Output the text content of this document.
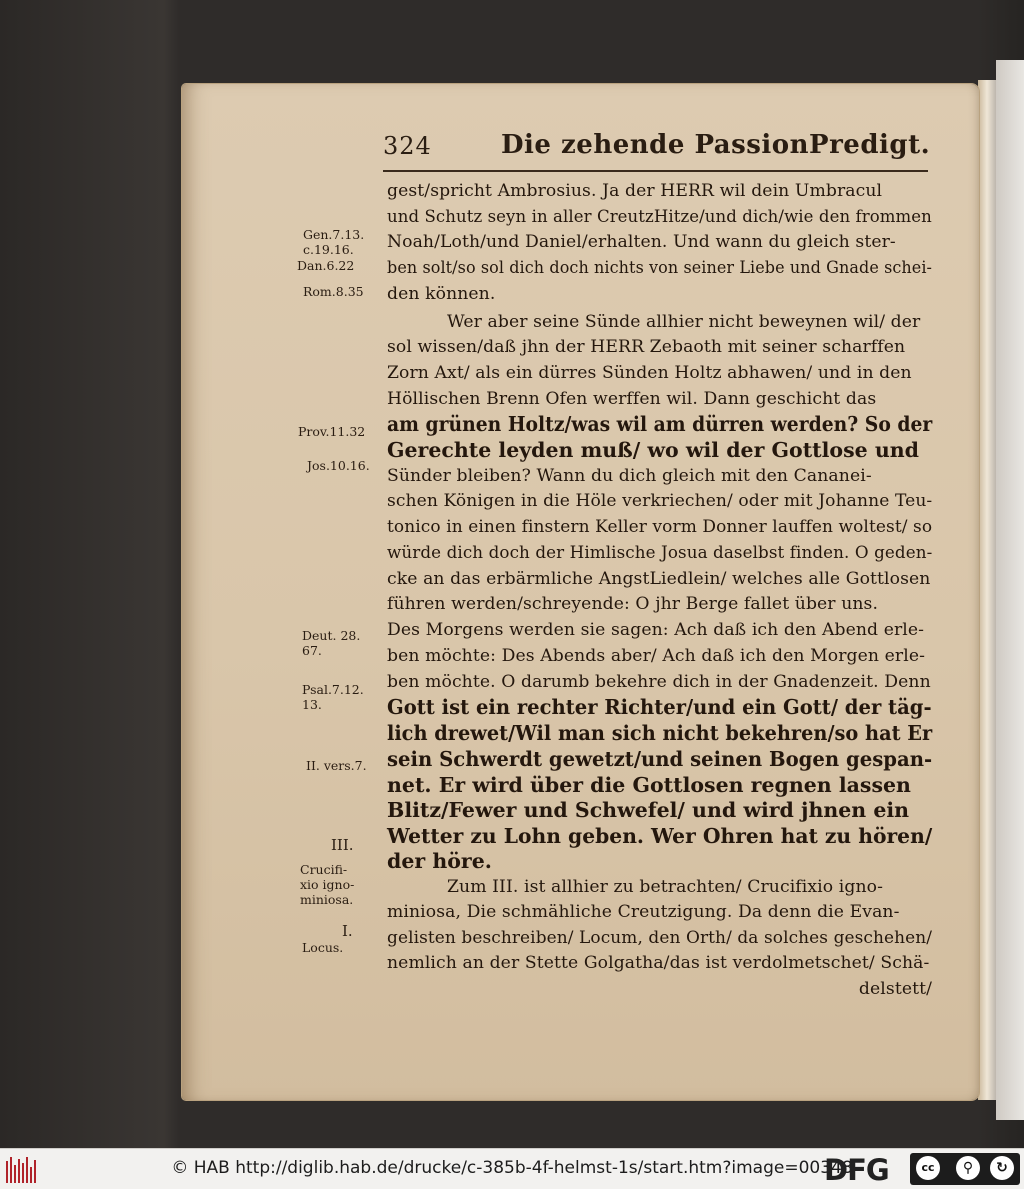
324	Die zehende PassionPredigt.
gest/spricht Ambrosius. Ja der HERR wil dein Umbracul
und Schutz seyn in aller CreutzHitze/und dich/wie den frommen
Noah/Loth/und Daniel/erhalten. Und wann du gleich ster-
ben solt/so sol dich doch nichts von seiner Liebe und Gnade schei-
den können.
Wer aber seine Sünde allhier nicht beweynen wil/ der
sol wissen/daß jhn der HERR Zebaoth mit seiner scharffen
Zorn Axt/ als ein dürres Sünden Holtz abhawen/ und in den
Höllischen Brenn Ofen werffen wil. Dann geschicht das
am grünen Holtz/was wil am dürren werden? So der
Gerechte leyden muß/ wo wil der Gottlose und
Sünder bleiben? Wann du dich gleich mit den Cananei-
schen Königen in die Höle verkriechen/ oder mit Johanne Teu-
tonico in einen finstern Keller vorm Donner lauffen woltest/ so
würde dich doch der Himlische Josua daselbst finden. O geden-
cke an das erbärmliche AngstLiedlein/ welches alle Gottlosen
führen werden/schreyende: O jhr Berge fallet über uns.
Des Morgens werden sie sagen: Ach daß ich den Abend erle-
ben möchte: Des Abends aber/ Ach daß ich den Morgen erle-
ben möchte. O darumb bekehre dich in der Gnadenzeit. Denn
Gott ist ein rechter Richter/und ein Gott/ der täg-
lich drewet/Wil man sich nicht bekehren/so hat Er
sein Schwerdt gewetzt/und seinen Bogen gespan-
net. Er wird über die Gottlosen regnen lassen
Blitz/Fewer und Schwefel/ und wird jhnen ein
Wetter zu Lohn geben. Wer Ohren hat zu hören/
der höre.
Zum III. ist allhier zu betrachten/ Crucifixio igno-
miniosa, Die schmähliche Creutzigung. Da denn die Evan-
gelisten beschreiben/ Locum, den Orth/ da solches geschehen/
nemlich an der Stette Golgatha/das ist verdolmetschet/ Schä-
delstett/
Gen.7.13.
c.19.16.
Dan.6.22
Rom.8.35
Prov.11.32
Jos.10.16.
Deut. 28.
67.
Psal.7.12.
13.
II. vers.7.
III.
Crucifi-
xio igno-
miniosa.
I.
Locus.
© HAB http://diglib.hab.de/drucke/c-385b-4f-helmst-1s/start.htm?image=00348
DFG	cc	⚲	↻
